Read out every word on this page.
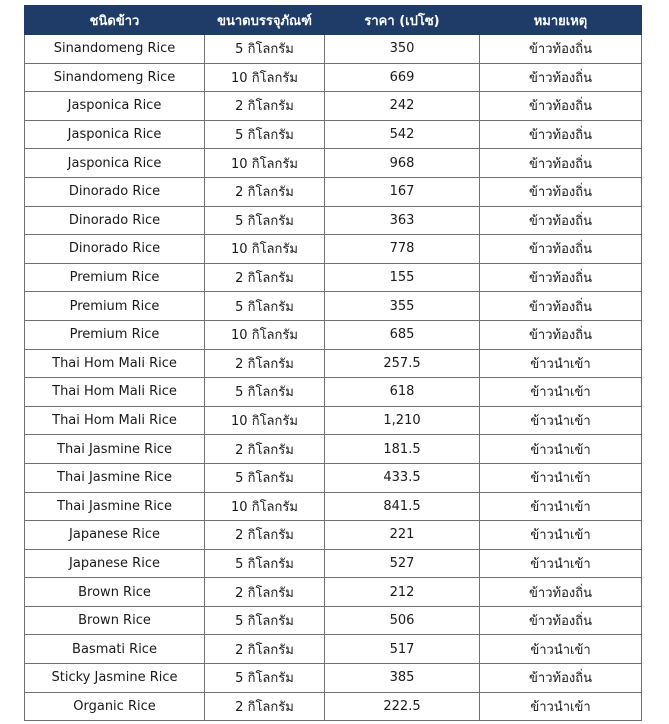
ชนิดข้าว	ขนาดบรรจุภัณฑ์	ราคา (เปโซ)	หมายเหตุ
Sinandomeng Rice	5 กิโลกรัม	350	ข้าวท้องถิ่น
Sinandomeng Rice	10 กิโลกรัม	669	ข้าวท้องถิ่น
Jasponica Rice	2 กิโลกรัม	242	ข้าวท้องถิ่น
Jasponica Rice	5 กิโลกรัม	542	ข้าวท้องถิ่น
Jasponica Rice	10 กิโลกรัม	968	ข้าวท้องถิ่น
Dinorado Rice	2 กิโลกรัม	167	ข้าวท้องถิ่น
Dinorado Rice	5 กิโลกรัม	363	ข้าวท้องถิ่น
Dinorado Rice	10 กิโลกรัม	778	ข้าวท้องถิ่น
Premium Rice	2 กิโลกรัม	155	ข้าวท้องถิ่น
Premium Rice	5 กิโลกรัม	355	ข้าวท้องถิ่น
Premium Rice	10 กิโลกรัม	685	ข้าวท้องถิ่น
Thai Hom Mali Rice	2 กิโลกรัม	257.5	ข้าวนำเข้า
Thai Hom Mali Rice	5 กิโลกรัม	618	ข้าวนำเข้า
Thai Hom Mali Rice	10 กิโลกรัม	1,210	ข้าวนำเข้า
Thai Jasmine Rice	2 กิโลกรัม	181.5	ข้าวนำเข้า
Thai Jasmine Rice	5 กิโลกรัม	433.5	ข้าวนำเข้า
Thai Jasmine Rice	10 กิโลกรัม	841.5	ข้าวนำเข้า
Japanese Rice	2 กิโลกรัม	221	ข้าวนำเข้า
Japanese Rice	5 กิโลกรัม	527	ข้าวนำเข้า
Brown Rice	2 กิโลกรัม	212	ข้าวท้องถิ่น
Brown Rice	5 กิโลกรัม	506	ข้าวท้องถิ่น
Basmati Rice	2 กิโลกรัม	517	ข้าวนำเข้า
Sticky Jasmine Rice	5 กิโลกรัม	385	ข้าวท้องถิ่น
Organic Rice	2 กิโลกรัม	222.5	ข้าวนำเข้า
